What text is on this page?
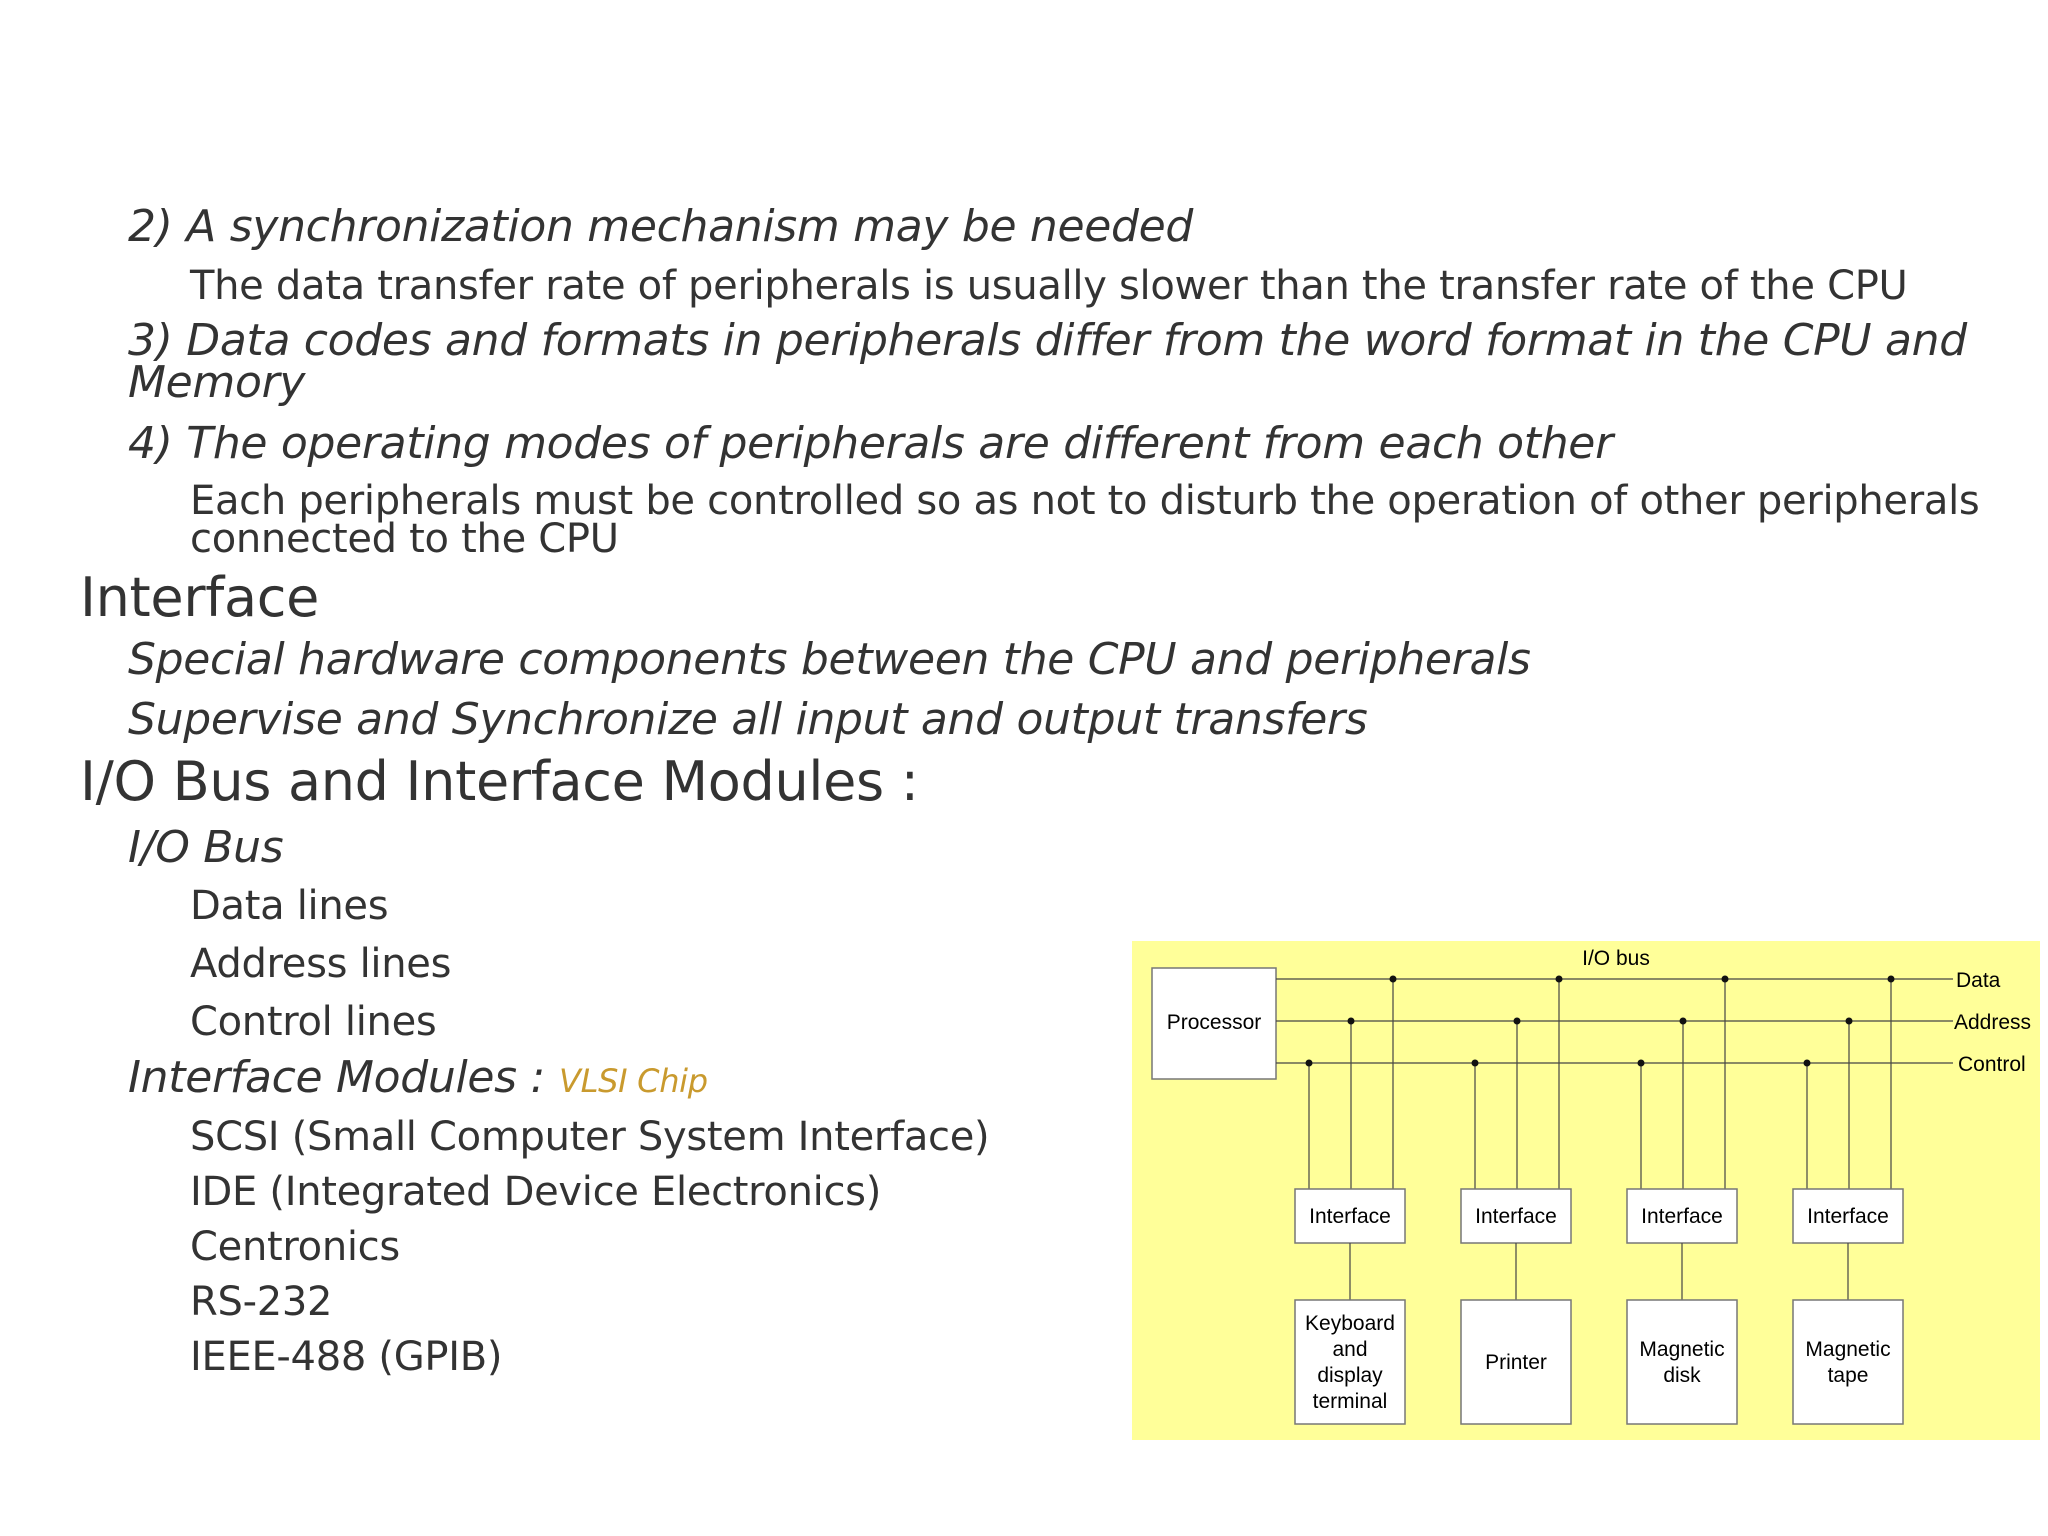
2) A synchronization mechanism may be needed
The data transfer rate of peripherals is usually slower than the transfer rate of the CPU
3) Data codes and formats in peripherals differ from the word format in the CPU and Memory
4) The operating modes of peripherals are different from each other
Each peripherals must be controlled so as not to disturb the operation of other peripherals connected to the CPU
Interface
Special hardware components between the CPU and peripherals
Supervise and Synchronize all input and output transfers
I/O Bus and Interface Modules :
I/O Bus
Data lines
Address lines
Control lines
Interface Modules : VLSI Chip
SCSI (Small Computer System Interface)
IDE (Integrated Device Electronics)
Centronics
RS-232
IEEE-488 (GPIB)
I/O bus
Processor
Data
Address
Control
Interface
Keyboard
and
display
terminal
Interface
Printer
Interface
Magnetic
disk
Interface
Magnetic
tape
